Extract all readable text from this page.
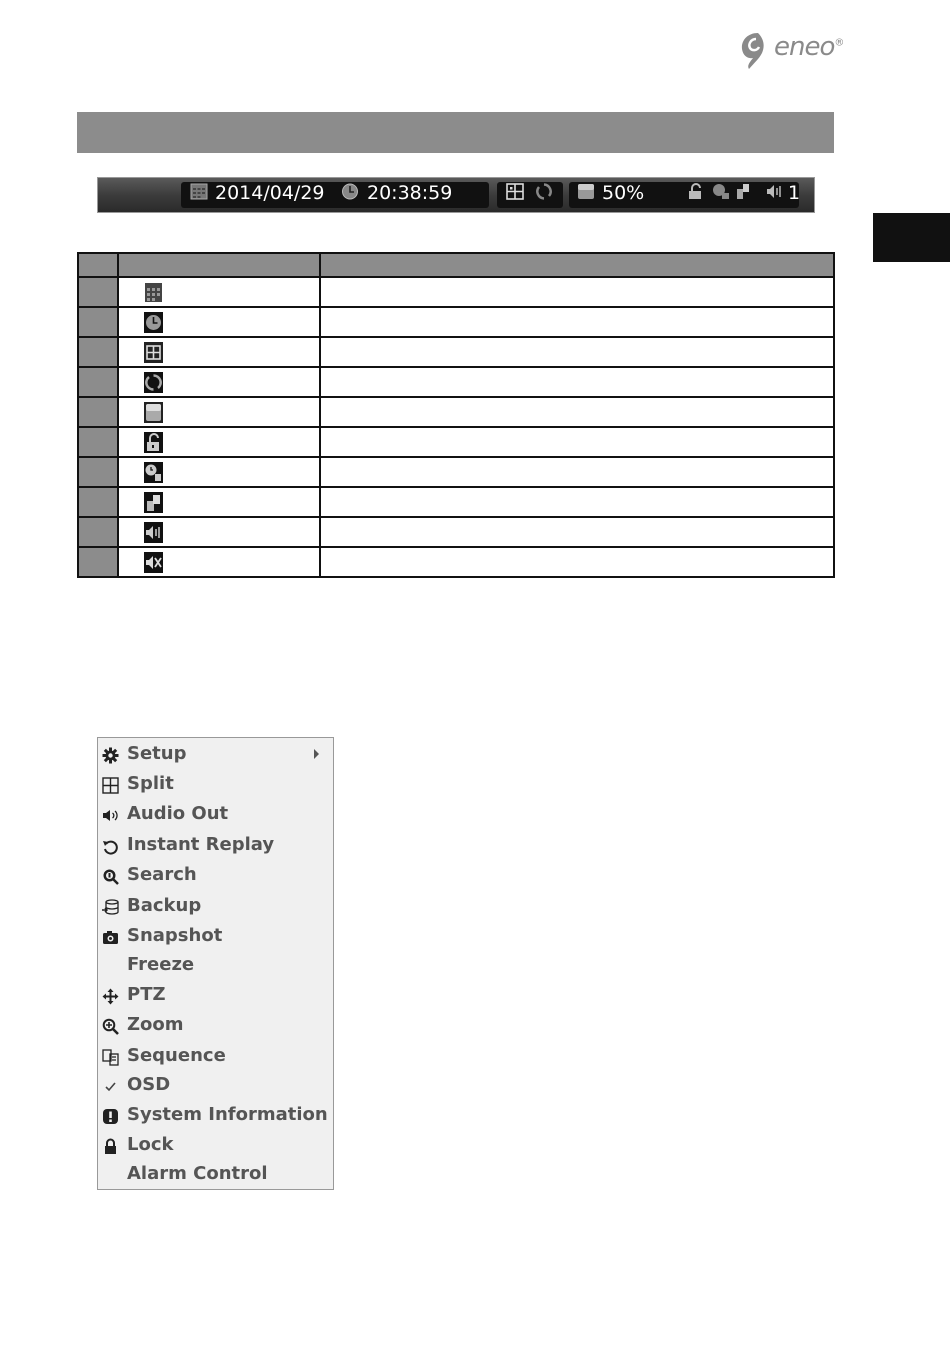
eneo®
2014/04/29 20:38:59	50%	1

Setup
Split
Audio Out
Instant Replay
Search
Backup
Snapshot
Freeze
PTZ
Zoom
Sequence
OSD
System Information
Lock
Alarm Control
